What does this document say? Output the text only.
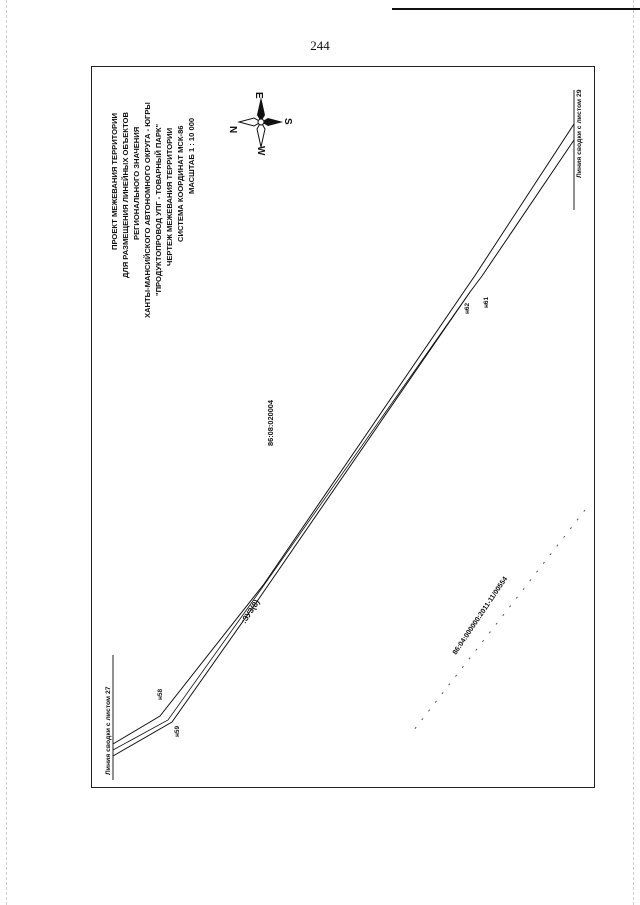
244
ПРОЕКТ МЕЖЕВАНИЯ ТЕРРИТОРИИ ДЛЯ РАЗМЕЩЕНИЯ ЛИНЕЙНЫХ ОБЪЕКТОВ РЕГИОНАЛЬНОГО ЗНАЧЕНИЯ ХАНТЫ-МАНСИЙСКОГО АВТОНОМНОГО ОКРУГА - ЮГРЫ "ПРОДУКТОПРОВОД УПГ - ТОВАРНЫЙ ПАРК" ЧЕРТЕЖ МЕЖЕВАНИЯ ТЕРРИТОРИИ СИСТЕМА КООРДИНАТ МСК-86 МАСШТАБ 1 : 10 000	N
E
S
W	Линия сводки с листом 29
Линия сводки с листом 27
86:08:020004
:ЗУ3(8)	86:04:000000:2011-11/00554
н58
н59
н61
н62
